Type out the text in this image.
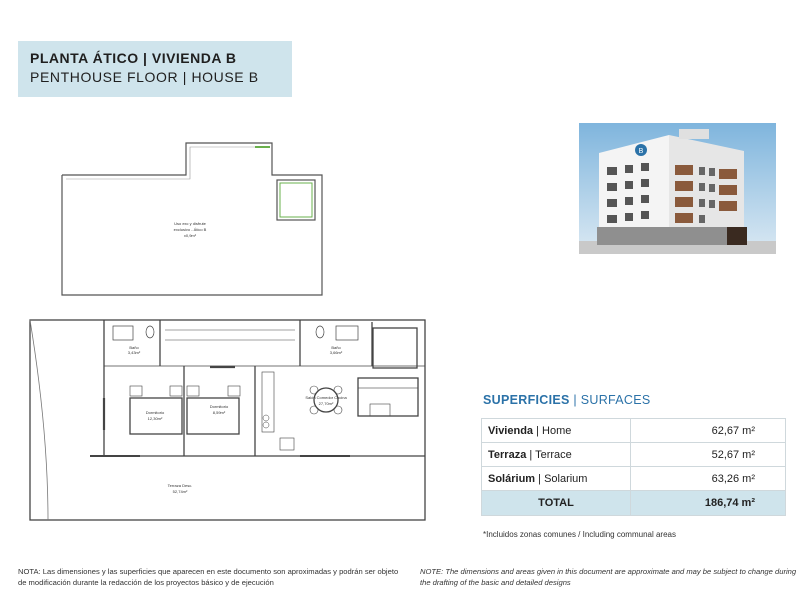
PLANTA ÁTICO | VIVIENDA B
PENTHOUSE FLOOR | HOUSE B
Uso exc y disfrute
exclusivo - Ático B
x0,9m²
Baño
3,43m²
Baño
3,66m²
Dormitorio
12,30m²
Dormitorio
8,59m²
Salón Comedor Cocina
27,70m²
Terraza Desc.
52,74m²
B
SUPERFICIES | SURFACES
Vivienda | Home	62,67 m²
Terraza | Terrace	52,67 m²
Solárium | Solarium	63,26 m²
TOTAL	186,74 m²
*Incluidos zonas comunes / Including communal areas
NOTA: Las dimensiones y las superficies que aparecen en este documento son aproximadas y podrán ser objeto de modificación durante la redacción de los proyectos básico y de ejecución
NOTE: The dimensions and areas given in this document are approximate and may be subject to change during the drafting of the basic and detailed designs
